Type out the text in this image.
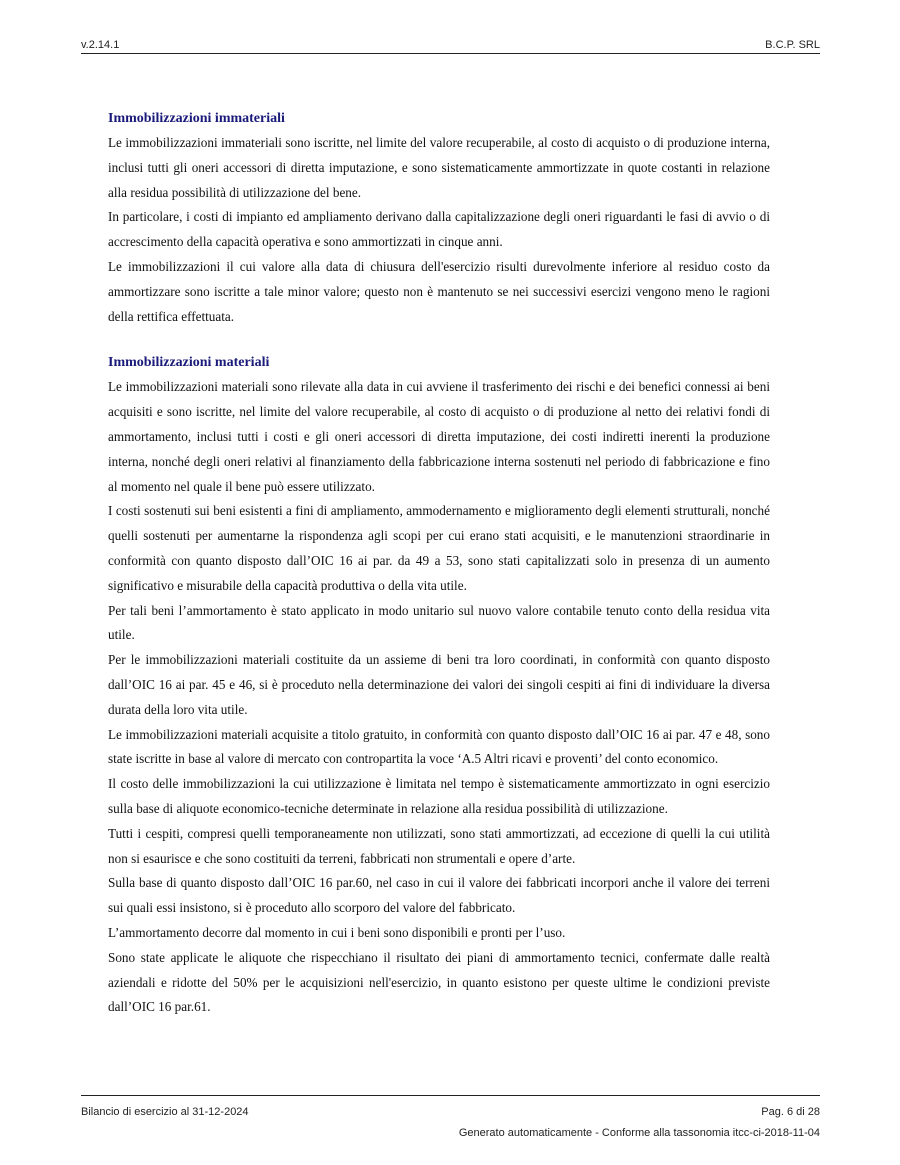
v.2.14.1	B.C.P. SRL
Immobilizzazioni immateriali

Le immobilizzazioni immateriali sono iscritte, nel limite del valore recuperabile, al costo di acquisto o di produzione interna, inclusi tutti gli oneri accessori di diretta imputazione, e sono sistematicamente ammortizzate in quote costanti in relazione alla residua possibilità di utilizzazione del bene.

In particolare, i costi di impianto ed ampliamento derivano dalla capitalizzazione degli oneri riguardanti le fasi di avvio o di accrescimento della capacità operativa e sono ammortizzati in cinque anni.

Le immobilizzazioni il cui valore alla data di chiusura dell'esercizio risulti durevolmente inferiore al residuo costo da ammortizzare sono iscritte a tale minor valore; questo non è mantenuto se nei successivi esercizi vengono meno le ragioni della rettifica effettuata.

Immobilizzazioni materiali

Le immobilizzazioni materiali sono rilevate alla data in cui avviene il trasferimento dei rischi e dei benefici connessi ai beni acquisiti e sono iscritte, nel limite del valore recuperabile, al costo di acquisto o di produzione al netto dei relativi fondi di ammortamento, inclusi tutti i costi e gli oneri accessori di diretta imputazione, dei costi indiretti inerenti la produzione interna, nonché degli oneri relativi al finanziamento della fabbricazione interna sostenuti nel periodo di fabbricazione e fino al momento nel quale il bene può essere utilizzato.

I costi sostenuti sui beni esistenti a fini di ampliamento, ammodernamento e miglioramento degli elementi strutturali, nonché quelli sostenuti per aumentarne la rispondenza agli scopi per cui erano stati acquisiti, e le manutenzioni straordinarie in conformità con quanto disposto dall’OIC 16 ai par. da 49 a 53, sono stati capitalizzati solo in presenza di un aumento significativo e misurabile della capacità produttiva o della vita utile.

Per tali beni l’ammortamento è stato applicato in modo unitario sul nuovo valore contabile tenuto conto della residua vita utile.

Per le immobilizzazioni materiali costituite da un assieme di beni tra loro coordinati, in conformità con quanto disposto dall’OIC 16 ai par. 45 e 46, si è proceduto nella determinazione dei valori dei singoli cespiti ai fini di individuare la diversa durata della loro vita utile.

Le immobilizzazioni materiali acquisite a titolo gratuito, in conformità con quanto disposto dall’OIC 16 ai par. 47 e 48, sono state iscritte in base al valore di mercato con contropartita la voce ‘A.5 Altri ricavi e proventi’ del conto economico.

Il costo delle immobilizzazioni la cui utilizzazione è limitata nel tempo è sistematicamente ammortizzato in ogni esercizio sulla base di aliquote economico-tecniche determinate in relazione alla residua possibilità di utilizzazione.

Tutti i cespiti, compresi quelli temporaneamente non utilizzati, sono stati ammortizzati, ad eccezione di quelli la cui utilità non si esaurisce e che sono costituiti da terreni, fabbricati non strumentali e opere d’arte.

Sulla base di quanto disposto dall’OIC 16 par.60, nel caso in cui il valore dei fabbricati incorpori anche il valore dei terreni sui quali essi insistono, si è proceduto allo scorporo del valore del fabbricato.

L’ammortamento decorre dal momento in cui i beni sono disponibili e pronti per l’uso.

Sono state applicate le aliquote che rispecchiano il risultato dei piani di ammortamento tecnici, confermate dalle realtà aziendali e ridotte del 50% per le acquisizioni nell'esercizio, in quanto esistono per queste ultime le condizioni previste dall’OIC 16 par.61.

Bilancio di esercizio al 31-12-2024	Pag. 6 di 28
Generato automaticamente - Conforme alla tassonomia itcc-ci-2018-11-04
